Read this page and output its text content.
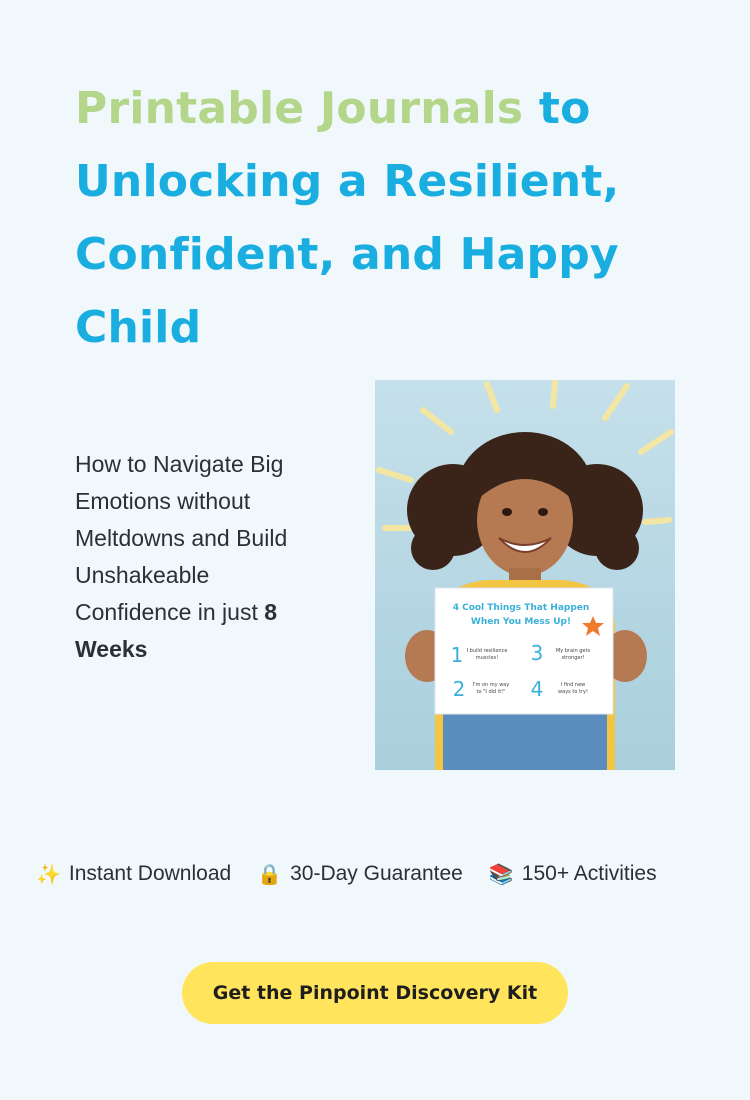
Printable Journals to Unlocking a Resilient, Confident, and Happy Child

How to Navigate Big Emotions without Meltdowns and Build Unshakeable Confidence in just 8 Weeks

4 Cool Things That Happen
When You Mess Up!
1 I build resilience
muscles! 3	My brain gets
stronger!
2 I'm on my way
to "I did it!" 4	I find new
ways to try!
✨ Instant Download 🔒 30-Day Guarantee 📚 150+ Activities
Get the Pinpoint Discovery Kit
